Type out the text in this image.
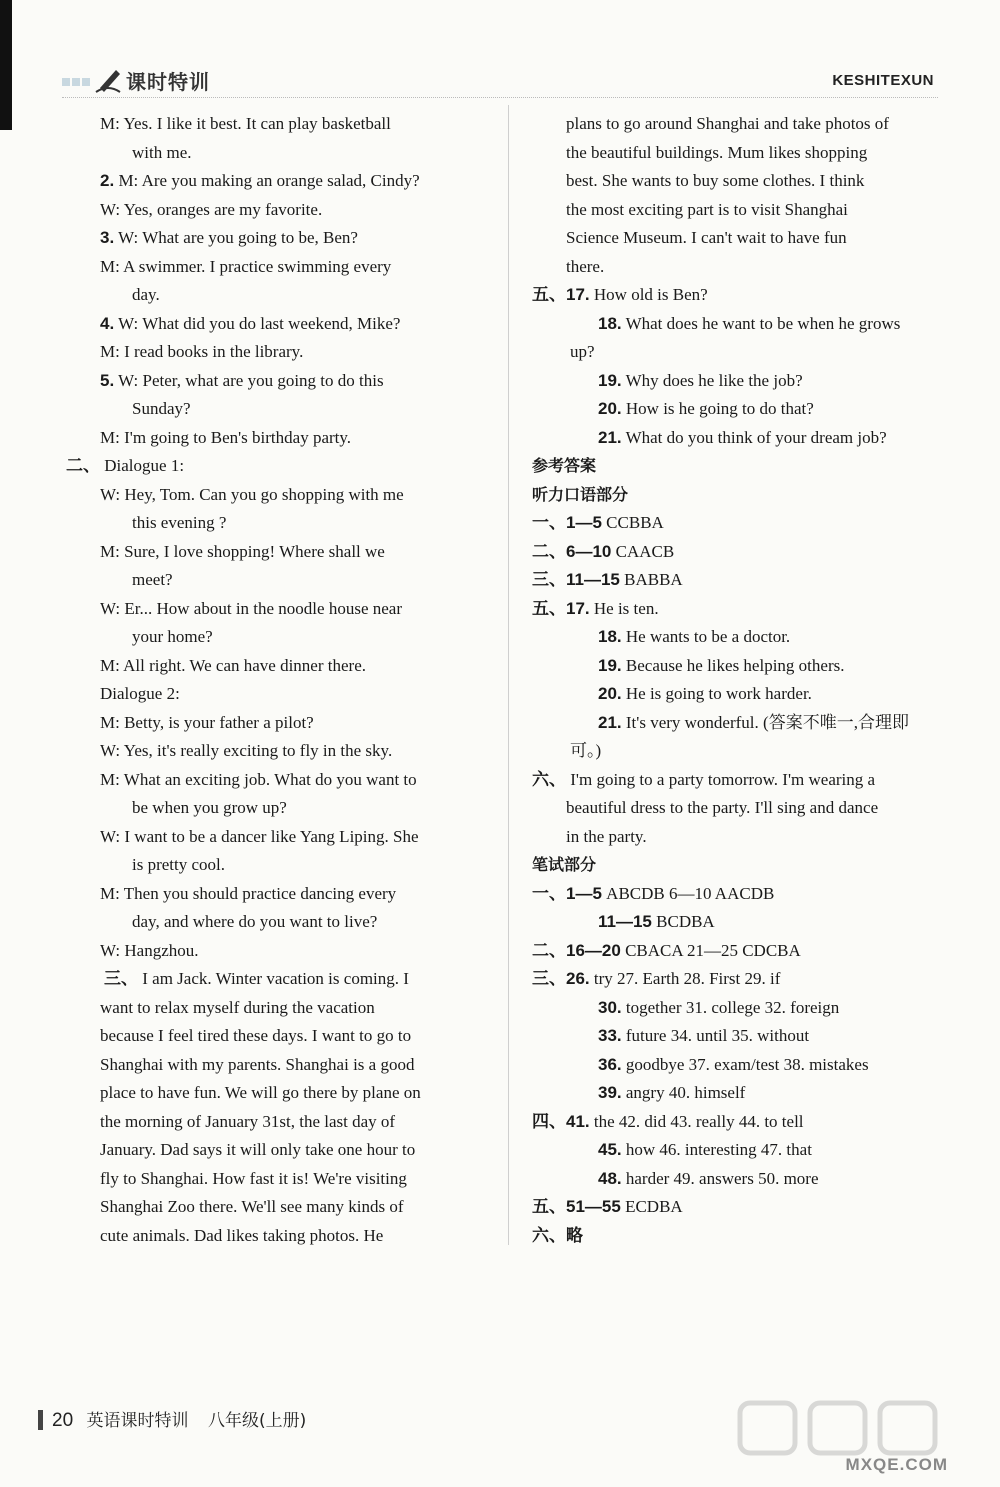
课时特训	KESHITEXUN
M: Yes. I like it best. It can play basketball
with me.
2. M: Are you making an orange salad, Cindy?
W: Yes, oranges are my favorite.
3. W: What are you going to be, Ben?
M: A swimmer. I practice swimming every
day.
4. W: What did you do last weekend, Mike?
M: I read books in the library.
5. W: Peter, what are you going to do this
Sunday?
M: I'm going to Ben's birthday party.
二、 Dialogue 1:
W: Hey, Tom. Can you go shopping with me
this evening ?
M: Sure, I love shopping! Where shall we
meet?
W: Er... How about in the noodle house near
your home?
M: All right. We can have dinner there.
Dialogue 2:
M: Betty, is your father a pilot?
W: Yes, it's really exciting to fly in the sky.
M: What an exciting job. What do you want to
be when you grow up?
W: I want to be a dancer like Yang Liping. She
is pretty cool.
M: Then you should practice dancing every
day, and where do you want to live?
W: Hangzhou.
三、 I am Jack. Winter vacation is coming. I
want to relax myself during the vacation
because I feel tired these days. I want to go to
Shanghai with my parents. Shanghai is a good
place to have fun. We will go there by plane on
the morning of January 31st, the last day of
January. Dad says it will only take one hour to
fly to Shanghai. How fast it is! We're visiting
Shanghai Zoo there. We'll see many kinds of
cute animals. Dad likes taking photos. He
plans to go around Shanghai and take photos of
the beautiful buildings. Mum likes shopping
best. She wants to buy some clothes. I think
the most exciting part is to visit Shanghai
Science Museum. I can't wait to have fun
there.
五、17. How old is Ben?
18. What does he want to be when he grows
up?
19. Why does he like the job?
20. How is he going to do that?
21. What do you think of your dream job?
参考答案
听力口语部分
一、1—5 CCBBA
二、6—10 CAACB
三、11—15 BABBA
五、17. He is ten.
18. He wants to be a doctor.
19. Because he likes helping others.
20. He is going to work harder.
21. It's very wonderful. (答案不唯一,合理即
可。)
六、 I'm going to a party tomorrow. I'm wearing a
beautiful dress to the party. I'll sing and dance
in the party.
笔试部分
一、1—5 ABCDB 6—10 AACDB
11—15 BCDBA
二、16—20 CBACA 21—25 CDCBA
三、26. try 27. Earth 28. First 29. if
30. together 31. college 32. foreign
33. future 34. until 35. without
36. goodbye 37. exam/test 38. mistakes
39. angry 40. himself
四、41. the 42. did 43. really 44. to tell
45. how 46. interesting 47. that
48. harder 49. answers 50. more
五、51—55 ECDBA
六、略
20 英语课时特训 八年级(上册)
MXQE.COM
